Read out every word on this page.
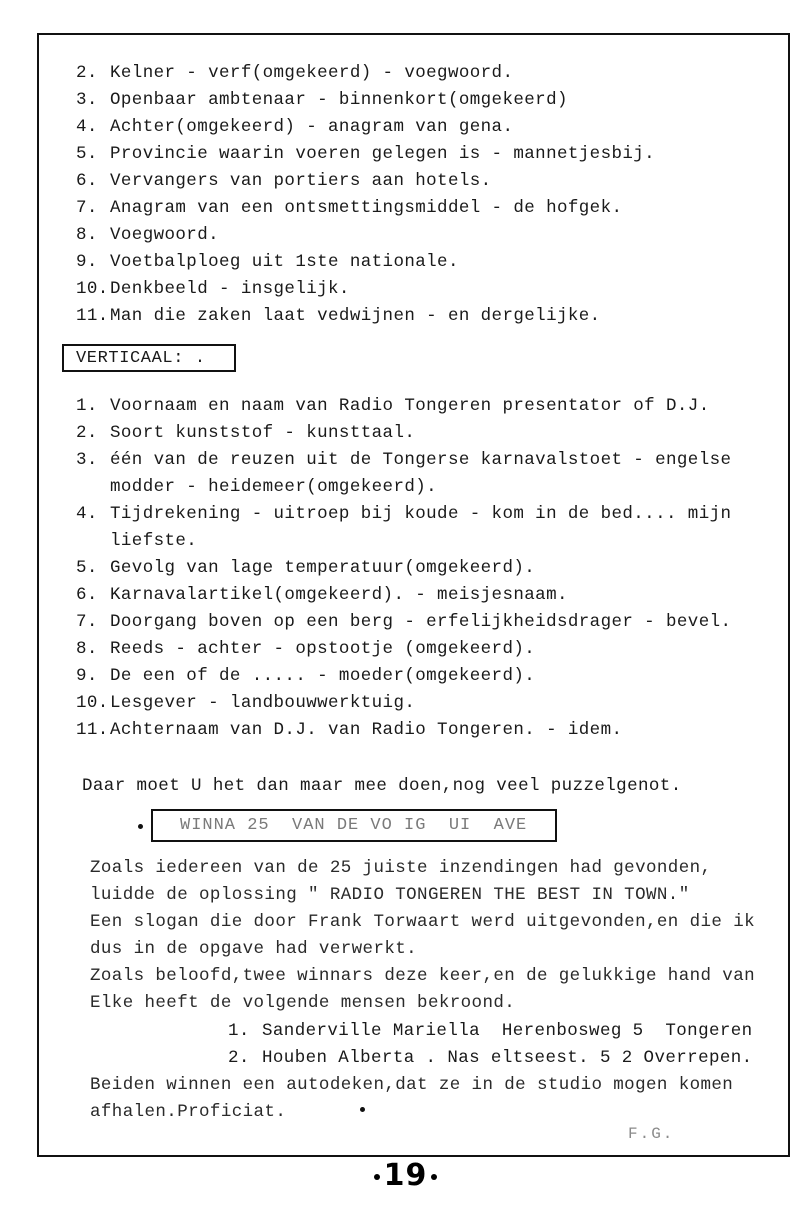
2. Kelner - verf(omgekeerd) - voegwoord.
3. Openbaar ambtenaar - binnenkort(omgekeerd)
4. Achter(omgekeerd) - anagram van gena.
5. Provincie waarin voeren gelegen is - mannetjesbij.
6. Vervangers van portiers aan hotels.
7. Anagram van een ontsmettingsmiddel - de hofgek.
8. Voegwoord.
9. Voetbalploeg uit 1ste nationale.
10.Denkbeeld - insgelijk.
11.Man die zaken laat vedwijnen - en dergelijke.
VERTICAAL: .
1. Voornaam en naam van Radio Tongeren presentator of D.J.
2. Soort kunststof - kunsttaal.
3. één van de reuzen uit de Tongerse karnavalstoet - engelse
modder - heidemeer(omgekeerd).
4. Tijdrekening - uitroep bij koude - kom in de bed.... mijn
liefste.
5. Gevolg van lage temperatuur(omgekeerd).
6. Karnavalartikel(omgekeerd). - meisjesnaam.
7. Doorgang boven op een berg - erfelijkheidsdrager - bevel.
8. Reeds - achter - opstootje (omgekeerd).
9. De een of de ..... - moeder(omgekeerd).
10.Lesgever - landbouwwerktuig.
11.Achternaam van D.J. van Radio Tongeren. - idem.
Daar moet U het dan maar mee doen,nog veel puzzelgenot.
WINNA 25  VAN DE VO IG  UI  AVE
Zoals iedereen van de 25 juiste inzendingen had gevonden,
luidde de oplossing " RADIO TONGEREN THE BEST IN TOWN."
Een slogan die door Frank Torwaart werd uitgevonden,en die ik
dus in de opgave had verwerkt.
Zoals beloofd,twee winnars deze keer,en de gelukkige hand van
Elke heeft de volgende mensen bekroond.
1. Sanderville Mariella  Herenbosweg 5  Tongeren
2. Houben Alberta . Nas eltseest. 5 2 Overrepen.
Beiden winnen een autodeken,dat ze in de studio mogen komen
afhalen.Proficiat.
F.G.
19
